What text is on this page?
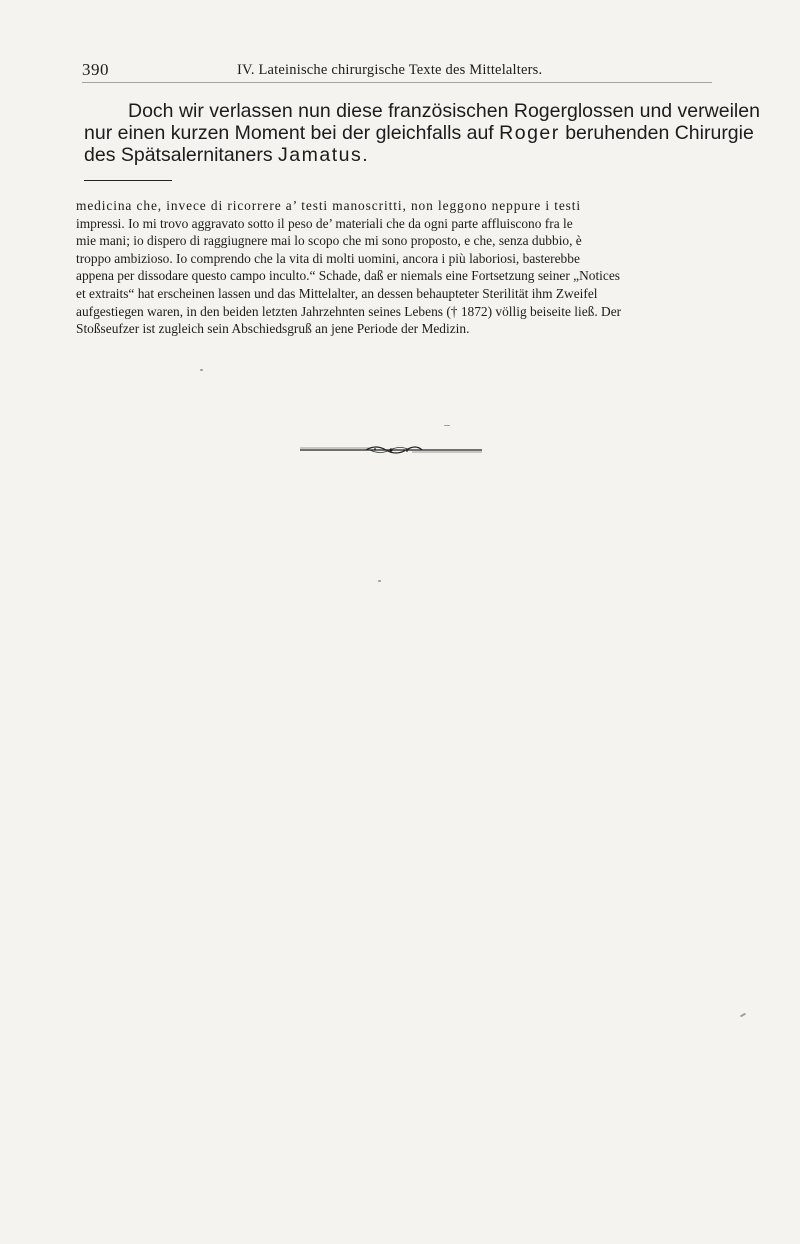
390	IV. Lateinische chirurgische Texte des Mittelalters.

Doch wir verlassen nun diese französischen Rogerglossen und verweilen
nur einen kurzen Moment bei der gleichfalls auf Roger beruhenden Chirurgie
des Spätsalernitaners Jamatus.

medicina che, invece di ricorrere a’ testi manoscritti, non leggono neppure i testi
impressi. Io mi trovo aggravato sotto il peso de’ materiali che da ogni parte affluiscono fra le
mie mani; io dispero di raggiugnere mai lo scopo che mi sono proposto, e che, senza dubbio, è
troppo ambizioso. Io comprendo che la vita di molti uomini, ancora i più laboriosi, basterebbe
appena per dissodare questo campo inculto.“ Schade, daß er niemals eine Fortsetzung seiner „Notices
et extraits“ hat erscheinen lassen und das Mittelalter, an dessen behaupteter Sterilität ihm Zweifel
aufgestiegen waren, in den beiden letzten Jahrzehnten seines Lebens († 1872) völlig beiseite ließ. Der
Stoßseufzer ist zugleich sein Abschiedsgruß an jene Periode der Medizin.
